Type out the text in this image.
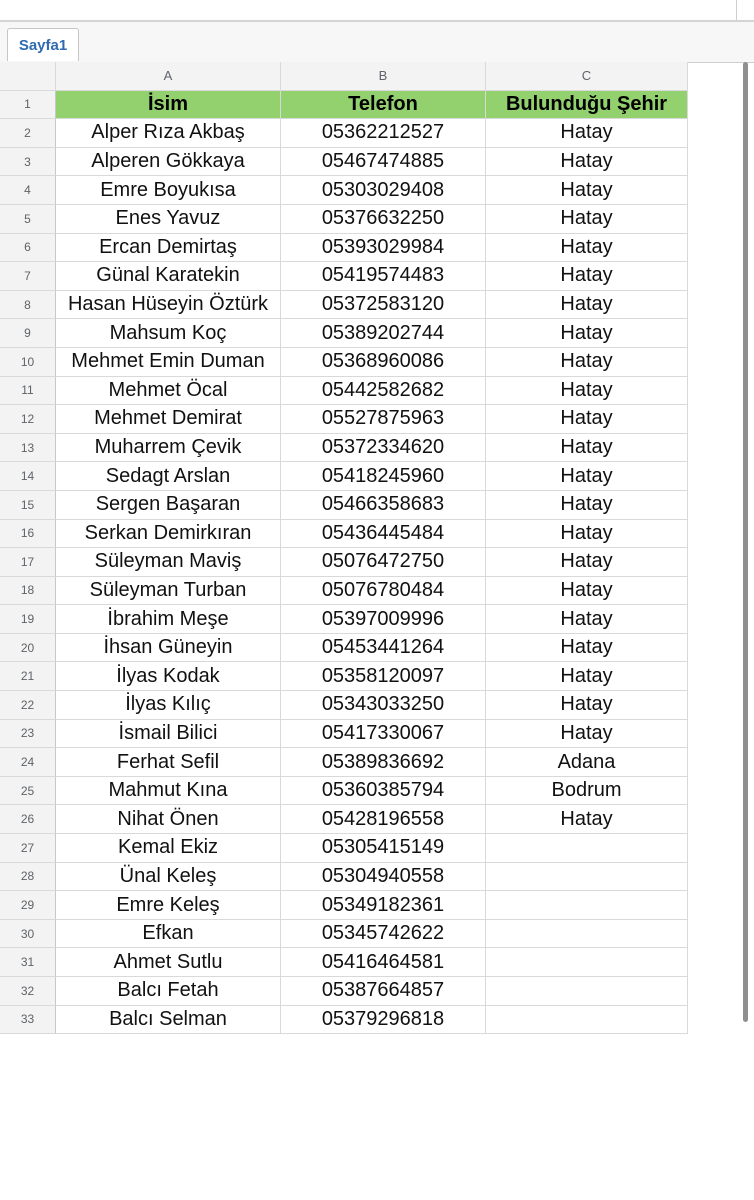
Sayfa1
A	B	C
1	İsim	Telefon	Bulunduğu Şehir
2	Alper Rıza Akbaş	05362212527	Hatay
3	Alperen Gökkaya	05467474885	Hatay
4	Emre Boyukısa	05303029408	Hatay
5	Enes Yavuz	05376632250	Hatay
6	Ercan Demirtaş	05393029984	Hatay
7	Günal Karatekin	05419574483	Hatay
8	Hasan Hüseyin Öztürk	05372583120	Hatay
9	Mahsum Koç	05389202744	Hatay
10	Mehmet Emin Duman	05368960086	Hatay
11	Mehmet Öcal	05442582682	Hatay
12	Mehmet Demirat	05527875963	Hatay
13	Muharrem Çevik	05372334620	Hatay
14	Sedagt Arslan	05418245960	Hatay
15	Sergen Başaran	05466358683	Hatay
16	Serkan Demirkıran	05436445484	Hatay
17	Süleyman Maviş	05076472750	Hatay
18	Süleyman Turban	05076780484	Hatay
19	İbrahim Meşe	05397009996	Hatay
20	İhsan Güneyin	05453441264	Hatay
21	İlyas Kodak	05358120097	Hatay
22	İlyas Kılıç	05343033250	Hatay
23	İsmail Bilici	05417330067	Hatay
24	Ferhat Sefil	05389836692	Adana
25	Mahmut Kına	05360385794	Bodrum
26	Nihat Önen	05428196558	Hatay
27	Kemal Ekiz	05305415149
28	Ünal Keleş	05304940558
29	Emre Keleş	05349182361
30	Efkan	05345742622
31	Ahmet Sutlu	05416464581
32	Balcı Fetah	05387664857
33	Balcı Selman	05379296818
